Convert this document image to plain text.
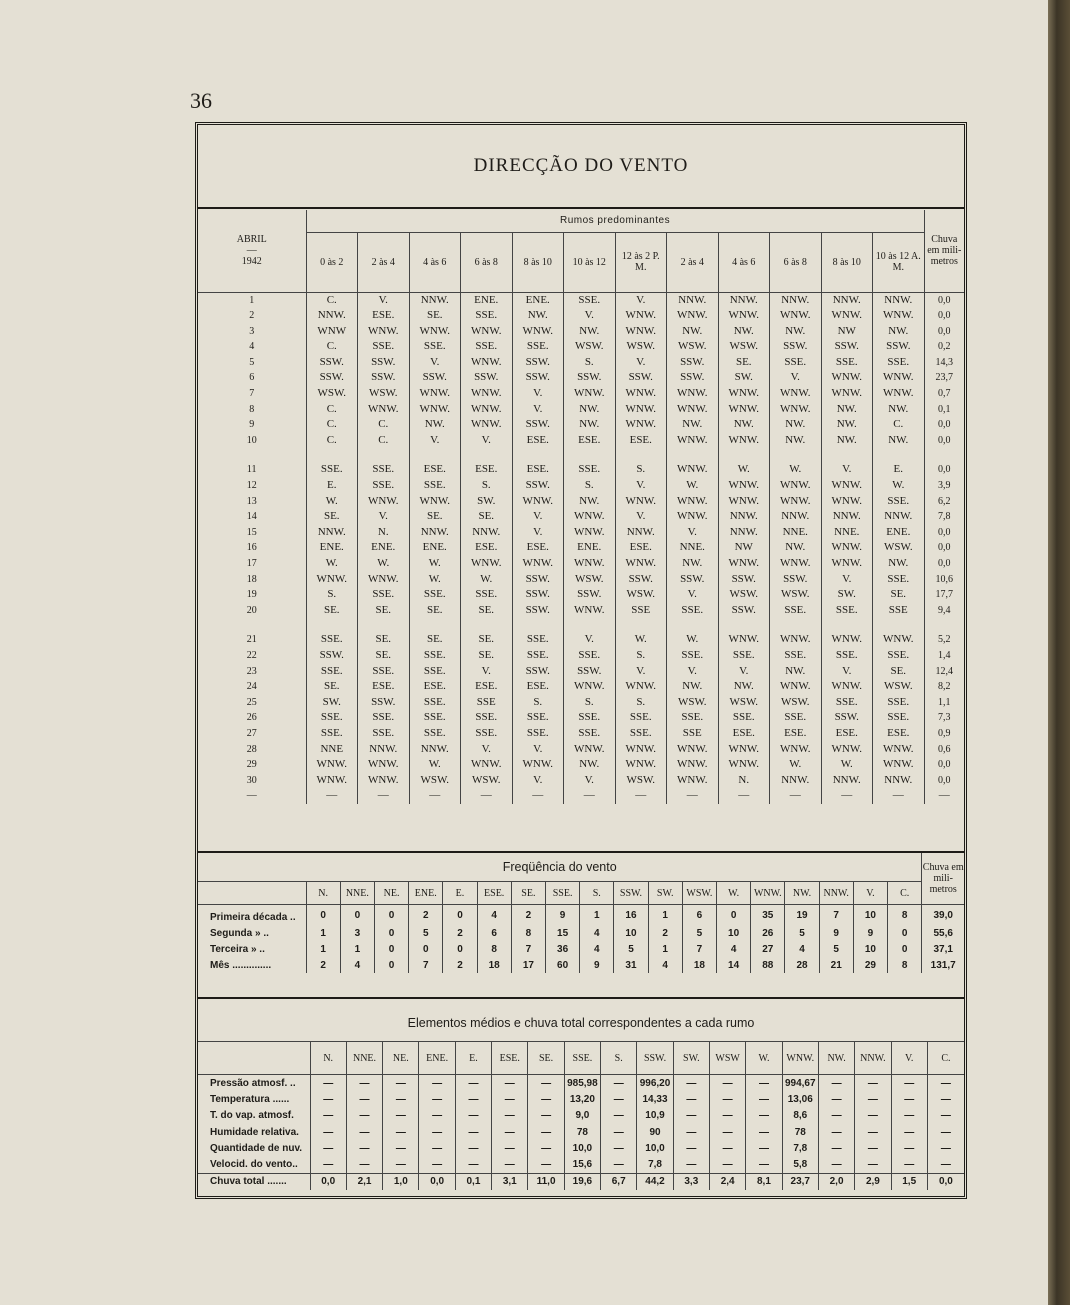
36
DIRECÇÃO DO VENTO
ABRIL
—
1942	Rumos predominantes												Chuva em mili-metros
	0 às 2	2 às 4	4 às 6	6 às 8	8 às 10	10 às 12	12 às 2 P. M.	2 às 4	4 às 6	6 às 8	8 às 10	10 às 12 A. M.	
1	C.	V.	NNW.	ENE.	ENE.	SSE.	V.	NNW.	NNW.	NNW.	NNW.	NNW.	0,0
2	NNW.	ESE.	SE.	SSE.	NW.	V.	WNW.	WNW.	WNW.	WNW.	WNW.	WNW.	0,0
3	WNW	WNW.	WNW.	WNW.	WNW.	NW.	WNW.	NW.	NW.	NW.	NW	NW.	0,0
4	C.	SSE.	SSE.	SSE.	SSE.	WSW.	WSW.	WSW.	WSW.	SSW.	SSW.	SSW.	0,2
5	SSW.	SSW.	V.	WNW.	SSW.	S.	V.	SSW.	SE.	SSE.	SSE.	SSE.	14,3
6	SSW.	SSW.	SSW.	SSW.	SSW.	SSW.	SSW.	SSW.	SW.	V.	WNW.	WNW.	23,7
7	WSW.	WSW.	WNW.	WNW.	V.	WNW.	WNW.	WNW.	WNW.	WNW.	WNW.	WNW.	0,7
8	C.	WNW.	WNW.	WNW.	V.	NW.	WNW.	WNW.	WNW.	WNW.	NW.	NW.	0,1
9	C.	C.	NW.	WNW.	SSW.	NW.	WNW.	NW.	NW.	NW.	NW.	C.	0,0
10	C.	C.	V.	V.	ESE.	ESE.	ESE.	WNW.	WNW.	NW.	NW.	NW.	0,0

11	SSE.	SSE.	ESE.	ESE.	ESE.	SSE.	S.	WNW.	W.	W.	V.	E.	0,0
12	E.	SSE.	SSE.	S.	SSW.	S.	V.	W.	WNW.	WNW.	WNW.	W.	3,9
13	W.	WNW.	WNW.	SW.	WNW.	NW.	WNW.	WNW.	WNW.	WNW.	WNW.	SSE.	6,2
14	SE.	V.	SE.	SE.	V.	WNW.	V.	WNW.	NNW.	NNW.	NNW.	NNW.	7,8
15	NNW.	N.	NNW.	NNW.	V.	WNW.	NNW.	V.	NNW.	NNE.	NNE.	ENE.	0,0
16	ENE.	ENE.	ENE.	ESE.	ESE.	ENE.	ESE.	NNE.	NW	NW.	WNW.	WSW.	0,0
17	W.	W.	W.	WNW.	WNW.	WNW.	WNW.	NW.	WNW.	WNW.	WNW.	NW.	0,0
18	WNW.	WNW.	W.	W.	SSW.	WSW.	SSW.	SSW.	SSW.	SSW.	V.	SSE.	10,6
19	S.	SSE.	SSE.	SSE.	SSW.	SSW.	WSW.	V.	WSW.	WSW.	SW.	SE.	17,7
20	SE.	SE.	SE.	SE.	SSW.	WNW.	SSE	SSE.	SSW.	SSE.	SSE.	SSE	9,4

21	SSE.	SE.	SE.	SE.	SSE.	V.	W.	W.	WNW.	WNW.	WNW.	WNW.	5,2
22	SSW.	SE.	SSE.	SE.	SSE.	SSE.	S.	SSE.	SSE.	SSE.	SSE.	SSE.	1,4
23	SSE.	SSE.	SSE.	V.	SSW.	SSW.	V.	V.	V.	NW.	V.	SE.	12,4
24	SE.	ESE.	ESE.	ESE.	ESE.	WNW.	WNW.	NW.	NW.	WNW.	WNW.	WSW.	8,2
25	SW.	SSW.	SSE.	SSE	S.	S.	S.	WSW.	WSW.	WSW.	SSE.	SSE.	1,1
26	SSE.	SSE.	SSE.	SSE.	SSE.	SSE.	SSE.	SSE.	SSE.	SSE.	SSW.	SSE.	7,3
27	SSE.	SSE.	SSE.	SSE.	SSE.	SSE.	SSE.	SSE	ESE.	ESE.	ESE.	ESE.	0,9
28	NNE	NNW.	NNW.	V.	V.	WNW.	WNW.	WNW.	WNW.	WNW.	WNW.	WNW.	0,6
29	WNW.	WNW.	W.	WNW.	WNW.	NW.	WNW.	WNW.	WNW.	W.	W.	WNW.	0,0
30	WNW.	WNW.	WSW.	WSW.	V.	V.	WSW.	WNW.	N.	NNW.	NNW.	NNW.	0,0
—	—	—	—	—	—	—	—	—	—	—	—	—	—
Freqüência do vento																			Chuva em mili-metros
	N.	NNE.	NE.	ENE.	E.	ESE.	SE.	SSE.	S.	SSW.	SW.	WSW.	W.	WNW.	NW.	NNW.	V.	C.	
Primeira década ..	0	0	0	2	0	4	2	9	1	16	1	6	0	35	19	7	10	8	39,0
Segunda » ..	1	3	0	5	2	6	8	15	4	10	2	5	10	26	5	9	9	0	55,6
Terceira » ..	1	1	0	0	0	8	7	36	4	5	1	7	4	27	4	5	10	0	37,1
Mês ..............	2	4	0	7	2	18	17	60	9	31	4	18	14	88	28	21	29	8	131,7
Elementos médios e chuva total correspondentes a cada rumo																		
	N.	NNE.	NE.	ENE.	E.	ESE.	SE.	SSE.	S.	SSW.	SW.	WSW	W.	WNW.	NW.	NNW.	V.	C.
Pressão atmosf. ..	—	—	—	—	—	—	—	985,98	—	996,20	—	—	—	994,67	—	—	—	—
Temperatura ......	—	—	—	—	—	—	—	13,20	—	14,33	—	—	—	13,06	—	—	—	—
T. do vap. atmosf.	—	—	—	—	—	—	—	9,0	—	10,9	—	—	—	8,6	—	—	—	—
Humidade relativa.	—	—	—	—	—	—	—	78	—	90	—	—	—	78	—	—	—	—
Quantidade de nuv.	—	—	—	—	—	—	—	10,0	—	10,0	—	—	—	7,8	—	—	—	—
Velocid. do vento..	—	—	—	—	—	—	—	15,6	—	7,8	—	—	—	5,8	—	—	—	—
Chuva total .......	0,0	2,1	1,0	0,0	0,1	3,1	11,0	19,6	6,7	44,2	3,3	2,4	8,1	23,7	2,0	2,9	1,5	0,0
